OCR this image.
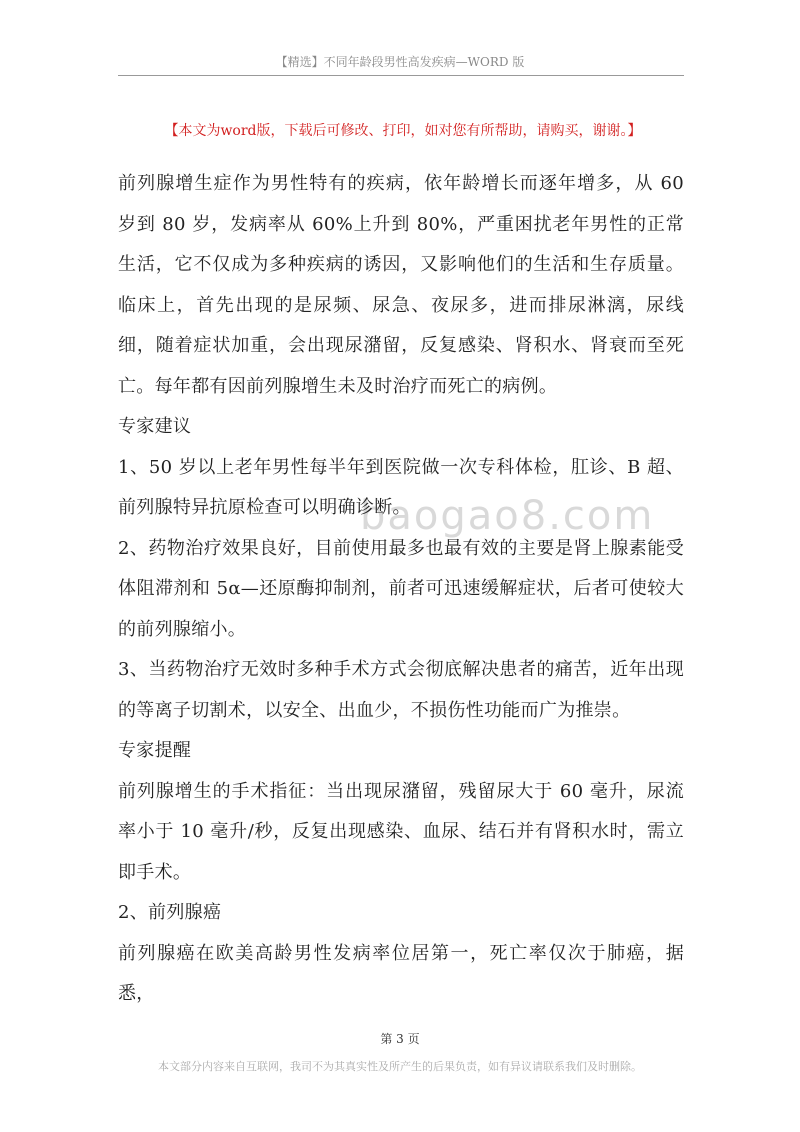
【精选】不同年龄段男性高发疾病—WORD 版
【本文为word版，下载后可修改、打印，如对您有所帮助，请购买，谢谢。】
baogao8.com

前列腺增生症作为男性特有的疾病，依年龄增长而逐年增多，从 60 岁到 80 岁，发病率从 60%上升到 80%，严重困扰老年男性的正常生活，它不仅成为多种疾病的诱因，又影响他们的生活和生存质量。临床上，首先出现的是尿频、尿急、夜尿多，进而排尿淋漓，尿线细，随着症状加重，会出现尿潴留，反复感染、肾积水、肾衰而至死亡。每年都有因前列腺增生未及时治疗而死亡的病例。

专家建议

1、50 岁以上老年男性每半年到医院做一次专科体检，肛诊、B 超、前列腺特异抗原检查可以明确诊断。

2、药物治疗效果良好，目前使用最多也最有效的主要是肾上腺素能受体阻滞剂和 5α—还原酶抑制剂，前者可迅速缓解症状，后者可使较大的前列腺缩小。

3、当药物治疗无效时多种手术方式会彻底解决患者的痛苦，近年出现的等离子切割术，以安全、出血少，不损伤性功能而广为推崇。

专家提醒

前列腺增生的手术指征：当出现尿潴留，残留尿大于 60 毫升，尿流率小于 10 毫升/秒，反复出现感染、血尿、结石并有肾积水时，需立即手术。

2、前列腺癌

前列腺癌在欧美高龄男性发病率位居第一，死亡率仅次于肺癌，据悉，

第 3 页
本文部分内容来自互联网，我司不为其真实性及所产生的后果负责，如有异议请联系我们及时删除。
